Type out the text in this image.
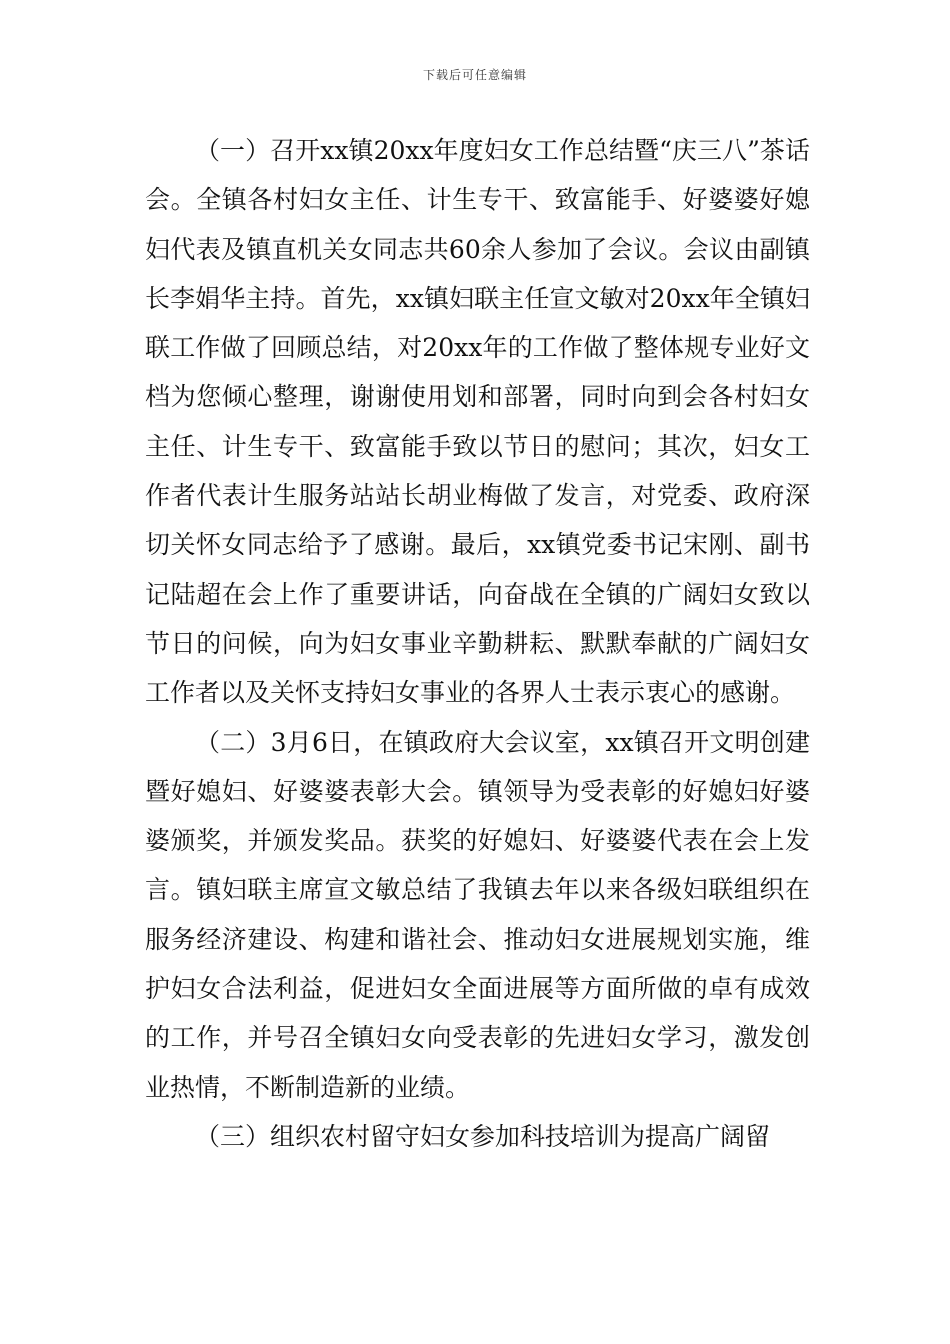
下载后可任意编辑

（一）召开xx镇20xx年度妇女工作总结暨“庆三八”茶话会。全镇各村妇女主任、计生专干、致富能手、好婆婆好媳妇代表及镇直机关女同志共60余人参加了会议。会议由副镇长李娟华主持。首先，xx镇妇联主任宣文敏对20xx年全镇妇联工作做了回顾总结，对20xx年的工作做了整体规专业好文档为您倾心整理，谢谢使用划和部署，同时向到会各村妇女主任、计生专干、致富能手致以节日的慰问；其次，妇女工作者代表计生服务站站长胡业梅做了发言，对党委、政府深切关怀女同志给予了感谢。最后，xx镇党委书记宋刚、副书记陆超在会上作了重要讲话，向奋战在全镇的广阔妇女致以节日的问候，向为妇女事业辛勤耕耘、默默奉献的广阔妇女工作者以及关怀支持妇女事业的各界人士表示衷心的感谢。

（二）3月6日，在镇政府大会议室，xx镇召开文明创建暨好媳妇、好婆婆表彰大会。镇领导为受表彰的好媳妇好婆婆颁奖，并颁发奖品。获奖的好媳妇、好婆婆代表在会上发言。镇妇联主席宣文敏总结了我镇去年以来各级妇联组织在服务经济建设、构建和谐社会、推动妇女进展规划实施，维护妇女合法利益，促进妇女全面进展等方面所做的卓有成效的工作，并号召全镇妇女向受表彰的先进妇女学习，激发创业热情，不断制造新的业绩。

（三）组织农村留守妇女参加科技培训为提高广阔留
